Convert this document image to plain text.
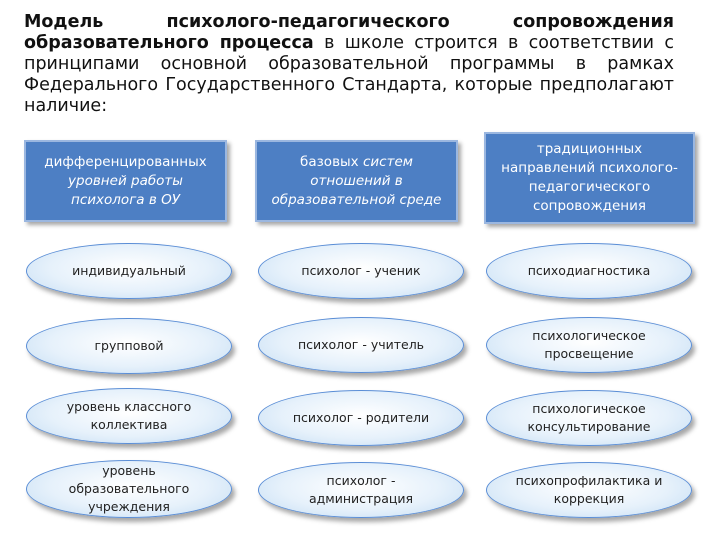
Модель психолого-педагогического сопровождения
образовательного процесса в школе строится в соответствии с
принципами основной образовательной программы в рамках
Федерального Государственного Стандарта, которые предполагают
наличие:
дифференцированных
уровней работы психолога в ОУ
базовых систем отношений в образовательной среде
традиционных направлений психолого-педагогического сопровождения
индивидуальный
групповой
уровень классного коллектива
уровень образовательного учреждения
психолог - ученик
психолог - учитель
психолог - родители
психолог - администрация
психодиагностика
психологическое просвещение
психологическое консультирование
психопрофилактика и коррекция
